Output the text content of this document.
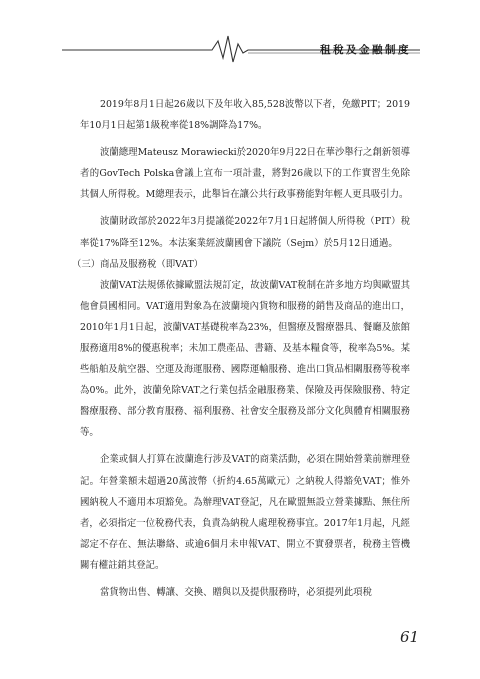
租稅及金融制度

2019年8月1日起26歲以下及年收入85,528波幣以下者，免繳PIT；2019年10月1日起第1級稅率從18%調降為17%。

波蘭總理Mateusz Morawiecki於2020年9月22日在華沙舉行之創新領導者的GovTech Polska會議上宣布一項計畫，將對26歲以下的工作實習生免除其個人所得稅。M總理表示，此舉旨在讓公共行政事務能對年輕人更具吸引力。

波蘭財政部於2022年3月提議從2022年7月1日起將個人所得稅（PIT）稅率從17%降至12%。本法案業經波蘭國會下議院（Sejm）於5月12日通過。

（三）商品及服務稅（即VAT）

波蘭VAT法規係依據歐盟法規訂定，故波蘭VAT稅制在許多地方均與歐盟其他會員國相同。VAT適用對象為在波蘭境內貨物和服務的銷售及商品的進出口，2010年1月1日起，波蘭VAT基礎稅率為23%，但醫療及醫療器具、餐廳及旅館服務適用8%的優惠稅率；未加工農產品、書籍、及基本糧食等，稅率為5%。某些船舶及航空器、空運及海運服務、國際運輸服務、進出口貨品相關服務等稅率為0%。此外，波蘭免除VAT之行業包括金融服務業、保險及再保險服務、特定醫療服務、部分教育服務、福利服務、社會安全服務及部分文化與體育相關服務等。

企業或個人打算在波蘭進行涉及VAT的商業活動，必須在開始營業前辦理登記。年營業額未超過20萬波幣（折約4.65萬歐元）之納稅人得豁免VAT；惟外國納稅人不適用本項豁免。為辦理VAT登記，凡在歐盟無設立營業據點、無住所者，必須指定一位稅務代表，負責為納稅人處理稅務事宜。2017年1月起，凡經認定不存在、無法聯絡、或逾6個月未申報VAT、開立不實發票者，稅務主管機關有權註銷其登記。

當貨物出售、轉讓、交換、贈與以及提供服務時，必須提列此項稅

61
